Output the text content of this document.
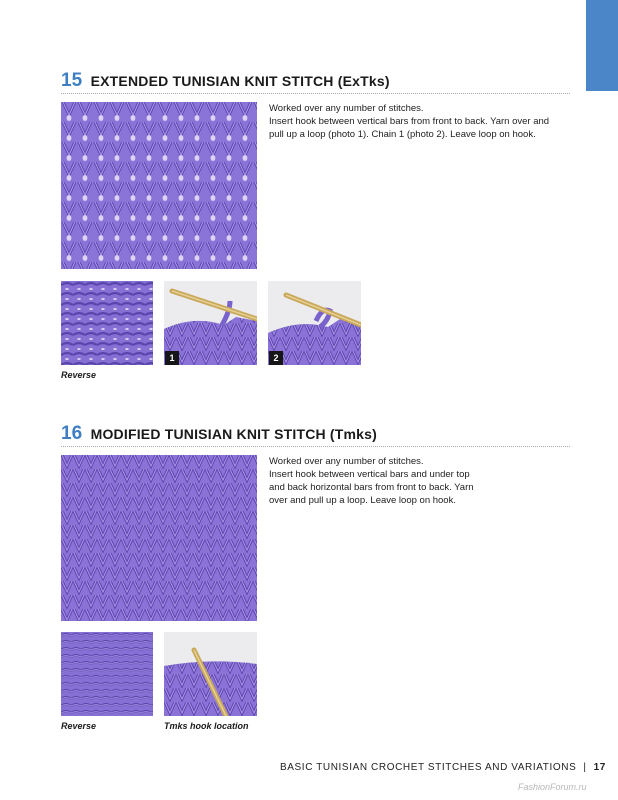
15 EXTENDED TUNISIAN KNIT STITCH (ExTks)

Worked over any number of stitches.

Insert hook between vertical bars from front to back. Yarn over and pull up a loop (photo 1). Chain 1 (photo 2). Leave loop on hook.

1	2
Reverse
16 MODIFIED TUNISIAN KNIT STITCH (Tmks)

Worked over any number of stitches.

Insert hook between vertical bars and under top and back horizontal bars from front to back. Yarn over and pull up a loop. Leave loop on hook.

Reverse	Tmks hook location
BASIC TUNISIAN CROCHET STITCHES AND VARIATIONS | 17
FashionForum.ru
